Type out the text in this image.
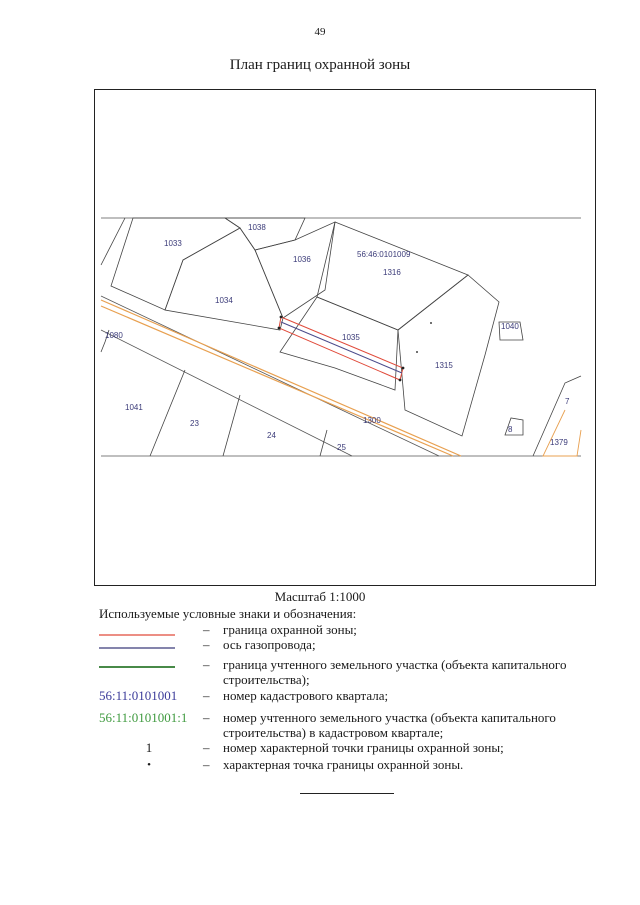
49
План границ охранной зоны
1033
1038
1036
56:46:0101009
1316
1034
1040
1035
1315
1080
1041
23
24
25
1300
7
8
1379
Масштаб 1:1000
Используемые условные знаки и обозначения:
– граница охранной зоны;
– ось газопровода;
– граница учтенного земельного участка (объекта капитального строительства);
56:11:0101001	– номер кадастрового квартала;
56:11:0101001:1	– номер учтенного земельного участка (объекта капитального строительства) в кадастровом квартале;
1	– номер характерной точки границы охранной зоны;
•	– характерная точка границы охранной зоны.
